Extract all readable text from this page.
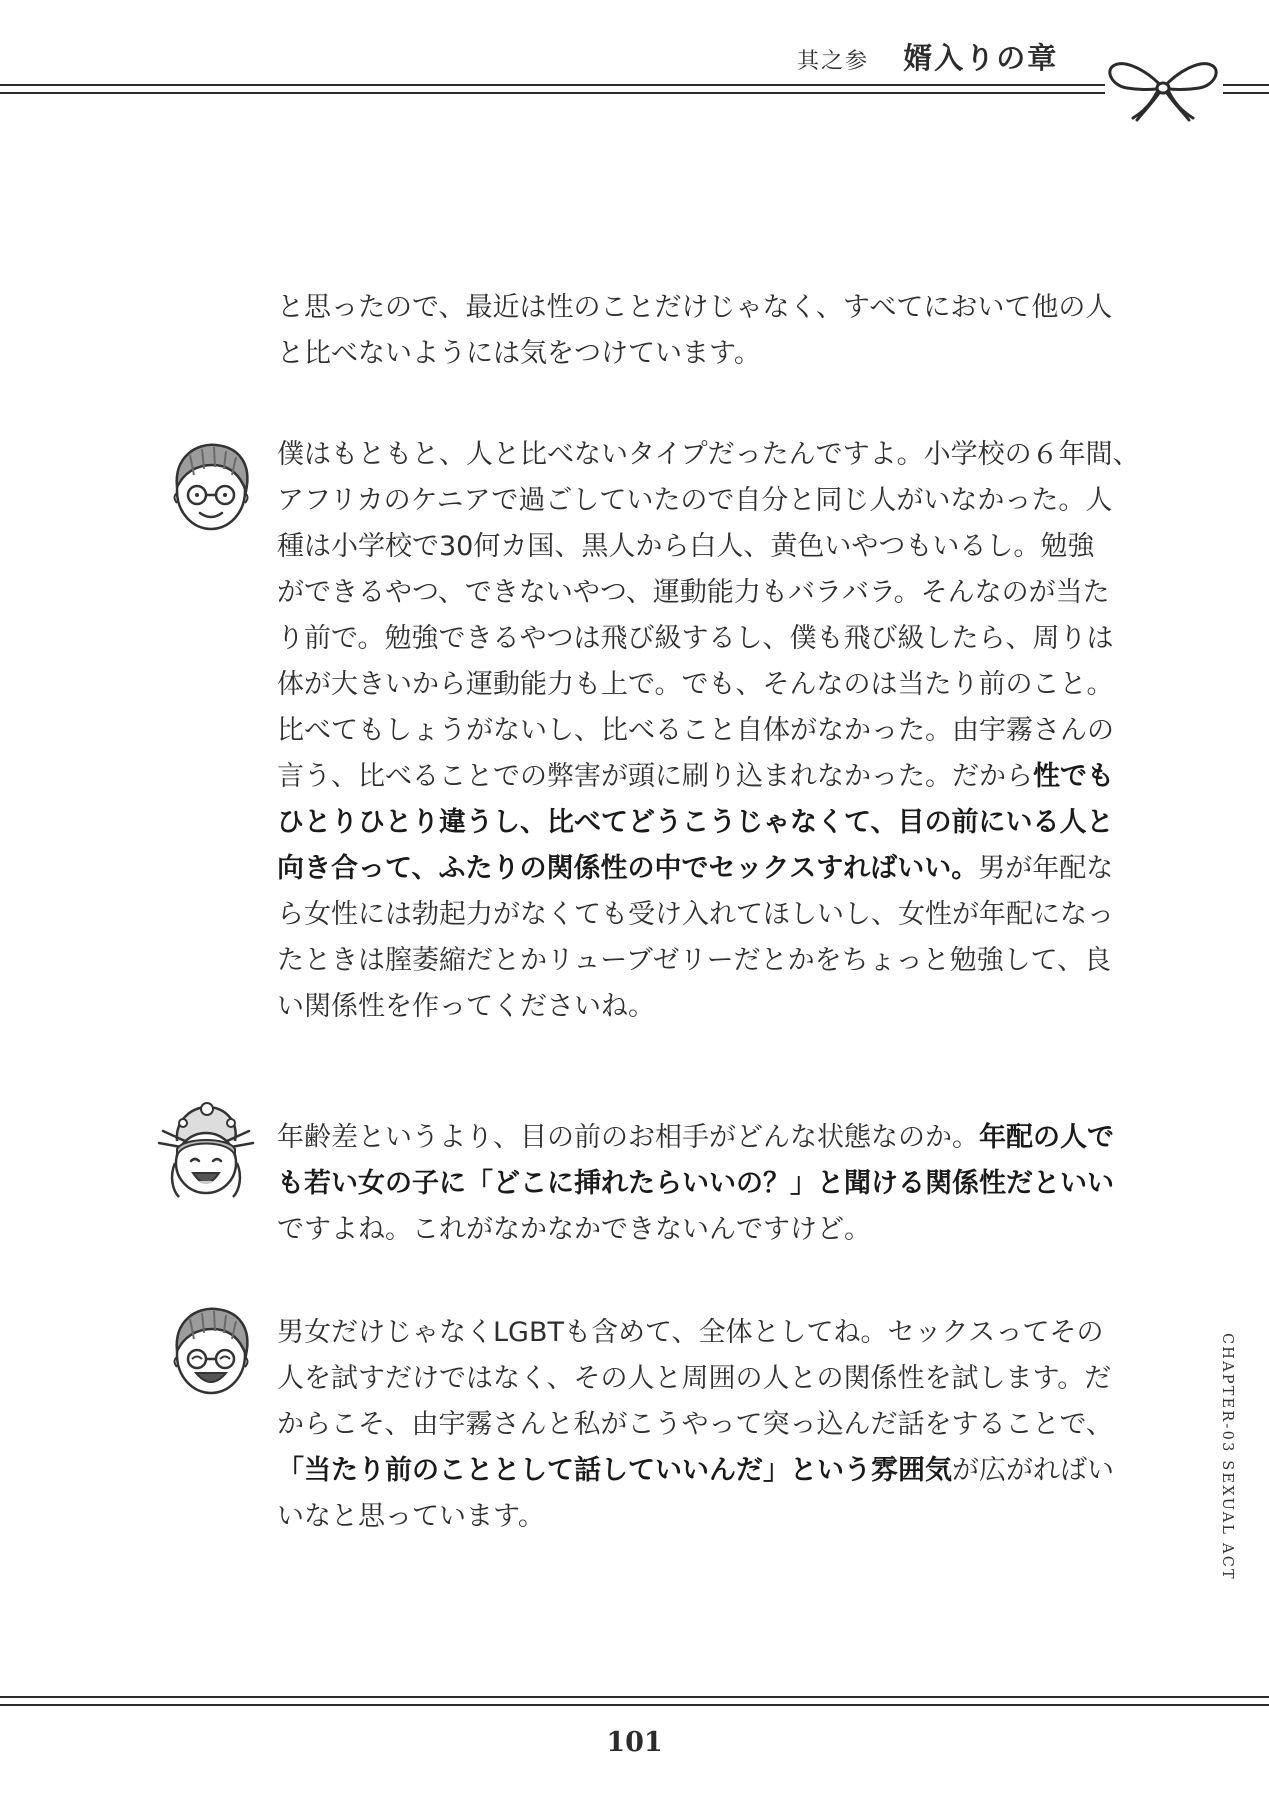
其之参 婿入りの章
と思ったので、最近は性のことだけじゃなく、すべてにおいて他の人
と比べないようには気をつけています。
僕はもともと、人と比べないタイプだったんですよ。小学校の６年間、
アフリカのケニアで過ごしていたので自分と同じ人がいなかった。人
種は小学校で30何カ国、黒人から白人、黄色いやつもいるし。勉強
ができるやつ、できないやつ、運動能力もバラバラ。そんなのが当た
り前で。勉強できるやつは飛び級するし、僕も飛び級したら、周りは
体が大きいから運動能力も上で。でも、そんなのは当たり前のこと。
比べてもしょうがないし、比べること自体がなかった。由宇霧さんの
言う、比べることでの弊害が頭に刷り込まれなかった。だから性でも
ひとりひとり違うし、比べてどうこうじゃなくて、目の前にいる人と
向き合って、ふたりの関係性の中でセックスすればいい。男が年配な
ら女性には勃起力がなくても受け入れてほしいし、女性が年配になっ
たときは膣萎縮だとかリューブゼリーだとかをちょっと勉強して、良
い関係性を作ってくださいね。
年齢差というより、目の前のお相手がどんな状態なのか。年配の人で
も若い女の子に「どこに挿れたらいいの？」と聞ける関係性だといい
ですよね。これがなかなかできないんですけど。
男女だけじゃなくLGBTも含めて、全体としてね。セックスってその
人を試すだけではなく、その人と周囲の人との関係性を試します。だ
からこそ、由宇霧さんと私がこうやって突っ込んだ話をすることで、
「当たり前のこととして話していいんだ」という雰囲気が広がればい
いなと思っています。	CHAPTER-03 SEXUAL ACT
101
